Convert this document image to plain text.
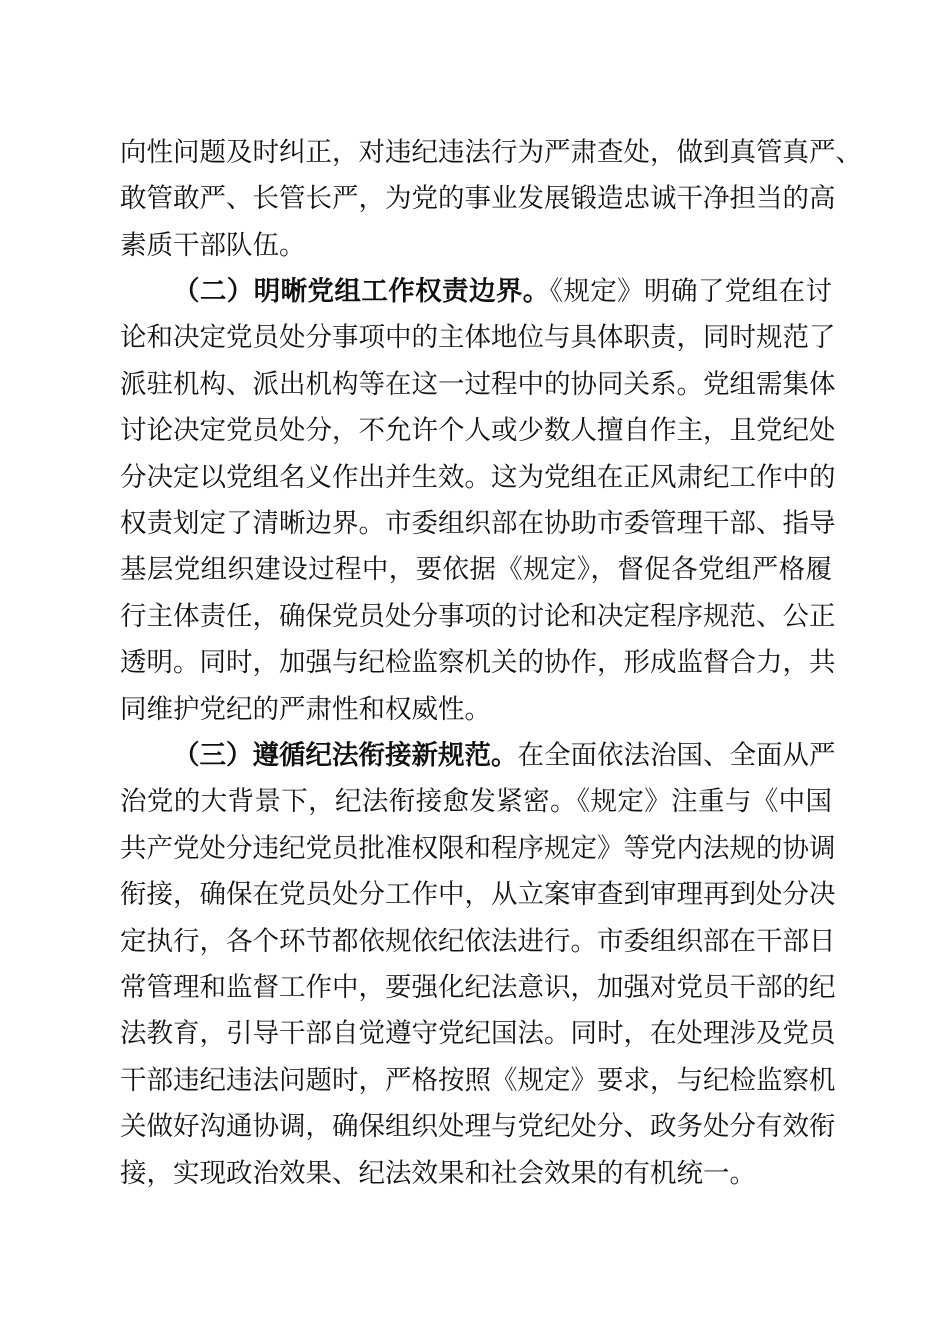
向性问题及时纠正，对违纪违法行为严肃查处，做到真管真严、
敢管敢严、长管长严，为党的事业发展锻造忠诚干净担当的高
素质干部队伍。
（二）明晰党组工作权责边界。《规定》明确了党组在讨
论和决定党员处分事项中的主体地位与具体职责，同时规范了
派驻机构、派出机构等在这一过程中的协同关系。党组需集体
讨论决定党员处分，不允许个人或少数人擅自作主，且党纪处
分决定以党组名义作出并生效。这为党组在正风肃纪工作中的
权责划定了清晰边界。市委组织部在协助市委管理干部、指导
基层党组织建设过程中，要依据《规定》，督促各党组严格履
行主体责任，确保党员处分事项的讨论和决定程序规范、公正
透明。同时，加强与纪检监察机关的协作，形成监督合力，共
同维护党纪的严肃性和权威性。
（三）遵循纪法衔接新规范。在全面依法治国、全面从严
治党的大背景下，纪法衔接愈发紧密。《规定》注重与《中国
共产党处分违纪党员批准权限和程序规定》等党内法规的协调
衔接，确保在党员处分工作中，从立案审查到审理再到处分决
定执行，各个环节都依规依纪依法进行。市委组织部在干部日
常管理和监督工作中，要强化纪法意识，加强对党员干部的纪
法教育，引导干部自觉遵守党纪国法。同时，在处理涉及党员
干部违纪违法问题时，严格按照《规定》要求，与纪检监察机
关做好沟通协调，确保组织处理与党纪处分、政务处分有效衔
接，实现政治效果、纪法效果和社会效果的有机统一。
